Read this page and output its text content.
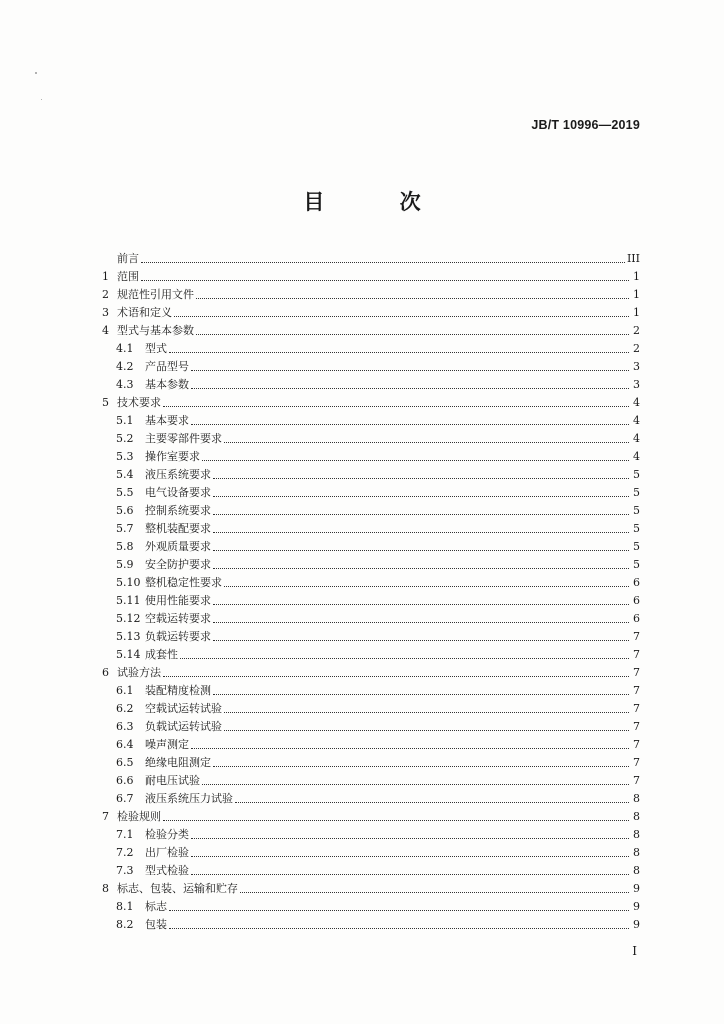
JB/T 10996—2019
目 次
前言	III
1 范围	1
2 规范性引用文件	1
3 术语和定义	1
4 型式与基本参数	2
4.1	型式	2
4.2	产品型号	3
4.3	基本参数	3
5 技术要求	4
5.1	基本要求	4
5.2	主要零部件要求	4
5.3	操作室要求	4
5.4	液压系统要求	5
5.5	电气设备要求	5
5.6	控制系统要求	5
5.7	整机装配要求	5
5.8	外观质量要求	5
5.9	安全防护要求	5
5.10 整机稳定性要求	6
5.11 使用性能要求	6
5.12 空载运转要求	6
5.13 负载运转要求	7
5.14 成套性	7
6 试验方法	7
6.1	装配精度检测	7
6.2	空载试运转试验	7
6.3	负载试运转试验	7
6.4	噪声测定	7
6.5	绝缘电阻测定	7
6.6	耐电压试验	7
6.7	液压系统压力试验	8
7 检验规则	8
7.1	检验分类	8
7.2	出厂检验	8
7.3	型式检验	8
8 标志、包装、运输和贮存	9
8.1	标志	9
8.2	包装	9
I
